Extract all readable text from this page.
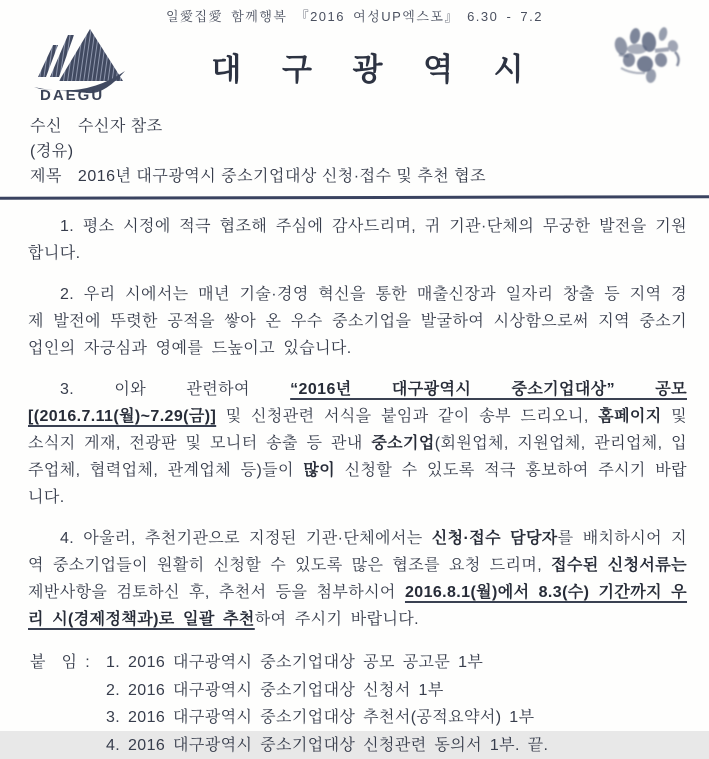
일愛집愛 함께행복 『2016 여성UP엑스포』 6.30 - 7.2
DAEGU
대 구 광 역 시
수신 수신자 참조
(경유)
제목 2016년 대구광역시 중소기업대상 신청·접수 및 추천 협조

1. 평소 시정에 적극 협조해 주심에 감사드리며, 귀 기관·단체의 무궁한 발전을 기원합니다.

2. 우리 시에서는 매년 기술·경영 혁신을 통한 매출신장과 일자리 창출 등 지역 경제 발전에 뚜렷한 공적을 쌓아 온 우수 중소기업을 발굴하여 시상함으로써 지역 중소기업인의 자긍심과 영예를 드높이고 있습니다.

3. 이와 관련하여 “2016년 대구광역시 중소기업대상” 공모 [(2016.7.11(월)~7.29(금)] 및 신청관련 서식을 붙임과 같이 송부 드리오니, 홈페이지 및 소식지 게재, 전광판 및 모니터 송출 등 관내 중소기업(회원업체, 지원업체, 관리업체, 입주업체, 협력업체, 관계업체 등)들이 많이 신청할 수 있도록 적극 홍보하여 주시기 바랍니다.

4. 아울러, 추천기관으로 지정된 기관·단체에서는 신청·접수 담당자를 배치하시어 지역 중소기업들이 원활히 신청할 수 있도록 많은 협조를 요청 드리며, 접수된 신청서류는 제반사항을 검토하신 후, 추천서 등을 첨부하시어 2016.8.1(월)에서 8.3(수) 기간까지 우리 시(경제정책과)로 일괄 추천하여 주시기 바랍니다.

붙  임 : 1. 2016 대구광역시 중소기업대상 공모 공고문 1부
2. 2016 대구광역시 중소기업대상 신청서 1부
3. 2016 대구광역시 중소기업대상 추천서(공적요약서) 1부
4. 2016 대구광역시 중소기업대상 신청관련 동의서 1부. 끝.
